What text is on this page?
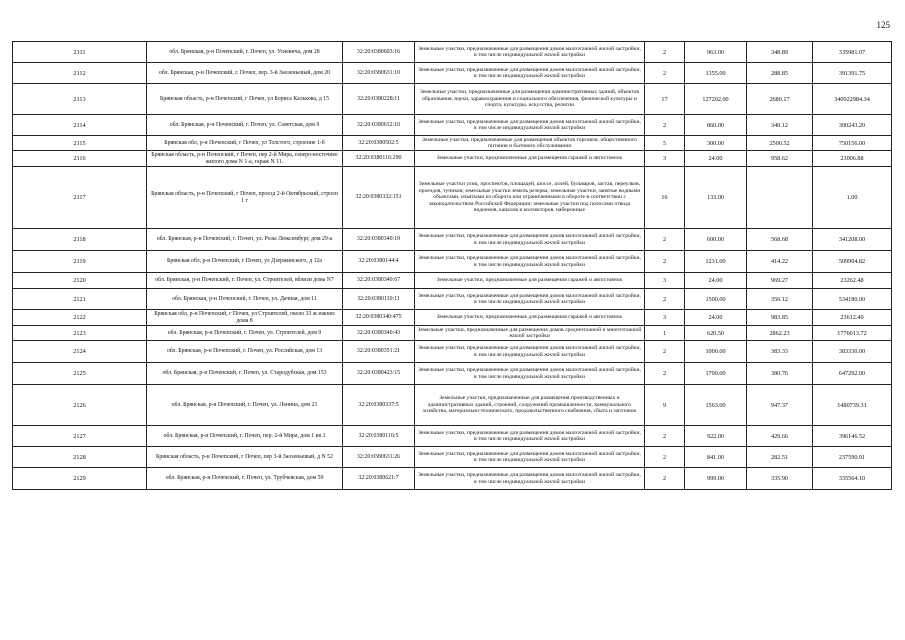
125
2111	обл. Брянская, р-н Почепский, г. Почеп, ул. Усиевича, дом 28	32:20:0380603:16	Земельные участки, предназначенные для размещения домов малоэтажной жилой застройки, в том числе индивидуальной жилой застройки	2	963.00	348.89	335981.07
2112	обл. Брянская, р-н Почепский, г. Почеп, пер. 3-й Заозеньевый, дом 20	32:20:0380631:10	Земельные участки, предназначенные для размещения домов малоэтажной жилой застройки, в том числе индивидуальной жилой застройки	2	1355.00	288.85	391391.75
2113	Брянская область, р-н Почепский, г Почеп, ул Бориса Калькова, д 15	32:20:0380228:11	Земельные участки, предназначенные для размещения административных зданий, объектов образования, науки, здравоохранения и социального обеспечения, физической культуры и спорта, культуры, искусства, религии	17	127202.00	2680.17	340922984.34
2114	обл. Брянская, р-н Почепский, г. Почеп, ул. Советская, дом 9	32:20:0380612:10	Земельные участки, предназначенные для размещения домов малоэтажной жилой застройки, в том числе индивидуальной жилой застройки	2	860.00	349.12	300243.20
2115	Брянская обл, р-н Почепский, г Почеп, ул Толстого, строение 1-б	32:20:0380502:5	Земельные участки, предназначенные для размещения объектов торговли, общественного питания и бытового обслуживания	5	300.00	2500.52	750156.00
2116	Брянская область, р-н Почепский, г Почеп, пер 2-й Мира, северо-восточнее жилого дома N 1-а, гараж N 11.	32:20:0380116:290	Земельные участки, предназначенные для размещения гаражей и автостоянок	3	24.00	958.62	23006.88
2117	Брянская область, р-н Почепский, г Почеп, проезд 2-й Октябрьский, строен 1 г	32:20:0380332:151	Земельные участки улиц, проспектов, площадей, шоссе, аллей, бульваров, застав, переулков, проездов, тупиков; земельные участки земель резерва; земельные участки, занятые водными объектами, изъятыми из оборота или ограниченными в обороте в соответствии с законодательством Российской Федерации; земельные участки под полосами отвода водоемов, каналов и коллекторов, набережные	16	133.00		1.00
2118	обл. Брянская, р-н Почепский, г. Почеп, ул. Розы Люксембург, дом 29-а	32:20:0380340:19	Земельные участки, предназначенные для размещения домов малоэтажной жилой застройки, в том числе индивидуальной жилой застройки	2	600.00	568.68	341208.00
2119	Брянская обл, р-н Почепский, г Почеп, ул Дзержинского, д 12а	32:20:0380144:4	Земельные участки, предназначенные для размещения домов малоэтажной жилой застройки, в том числе индивидуальной жилой застройки	2	1231.00	414.22	509904.82
2120	обл. Брянская, р-н Почепский, г. Почеп, ул. Строителей, вблизи дома N7	32:20:0380340:67	Земельные участки, предназначенные для размещения гаражей и автостоянок	3	24.00	969.27	23262.48
2121	обл. Брянская, р-н Почепский, г. Почеп, ул. Дачная, дом 11	32:20:0380110:11	Земельные участки, предназначенные для размещения домов малоэтажной жилой застройки, в том числе индивидуальной жилой застройки	2	1500.00	356.12	534180.00
2122	Брянская обл, р-н Почепский, г Почеп, ул Строителей, около 33 ж южнее дома 8	32:20:0380340:475	Земельные участки, предназначенные для размещения гаражей и автостоянок	3	24.00	983.85	23612.40
2123	обл. Брянская, р-н Почепский, г. Почеп, ул. Строителей, дом 9	32:20:0380340:43	Земельные участки, предназначенные для размещения домов среднеэтажной и многоэтажной жилой застройки	1	620.50	2862.23	1776013.72
2124	обл. Брянская, р-н Почепский, г. Почеп, ул. Российская, дом 13	32:20:0380351:21	Земельные участки, предназначенные для размещения домов малоэтажной жилой застройки, в том числе индивидуальной жилой застройки	2	1000.00	383.33	383330.00
2125	обл. Брянская, р-н Почепский, г. Почеп, ул. Стародубская, дом 153	32:20:0380423:15	Земельные участки, предназначенные для размещения домов малоэтажной жилой застройки, в том числе индивидуальной жилой застройки	2	1700.00	380.76	647292.00
2126	обл. Брянская, р-н Почепский, г. Почеп, ул. Ленина, дом 21	32:20:0380337:5	Земельные участки, предназначенные для размещения производственных и административных зданий, строений, сооружений промышленности, коммунального хозяйства, материально-технического, продовольственного снабжения, сбыта и заготовок	9	1563.00	947.37	1480739.31
2127	обл. Брянская, р-н Почепский, г. Почеп, пер. 2-й Мира, дом 1 кв.1	32:20:0380116:5	Земельные участки, предназначенные для размещения домов малоэтажной жилой застройки, в том числе индивидуальной жилой застройки	2	922.00	429.66	396146.52
2128	Брянская область, р-н Почепский, г Почеп, пер 3-й Заозеньевый, д N 52	32:20:0380631:26	Земельные участки, предназначенные для размещения домов малоэтажной жилой застройки, в том числе индивидуальной жилой застройки	2	841.00	282.51	237590.91
2129	обл. Брянская, р-н Почепский, г. Почеп, ул. Трубчевская, дом 59	32:20:0380621:7	Земельные участки, предназначенные для размещения домов малоэтажной жилой застройки, в том числе индивидуальной жилой застройки	2	999.00	335.90	335564.10
